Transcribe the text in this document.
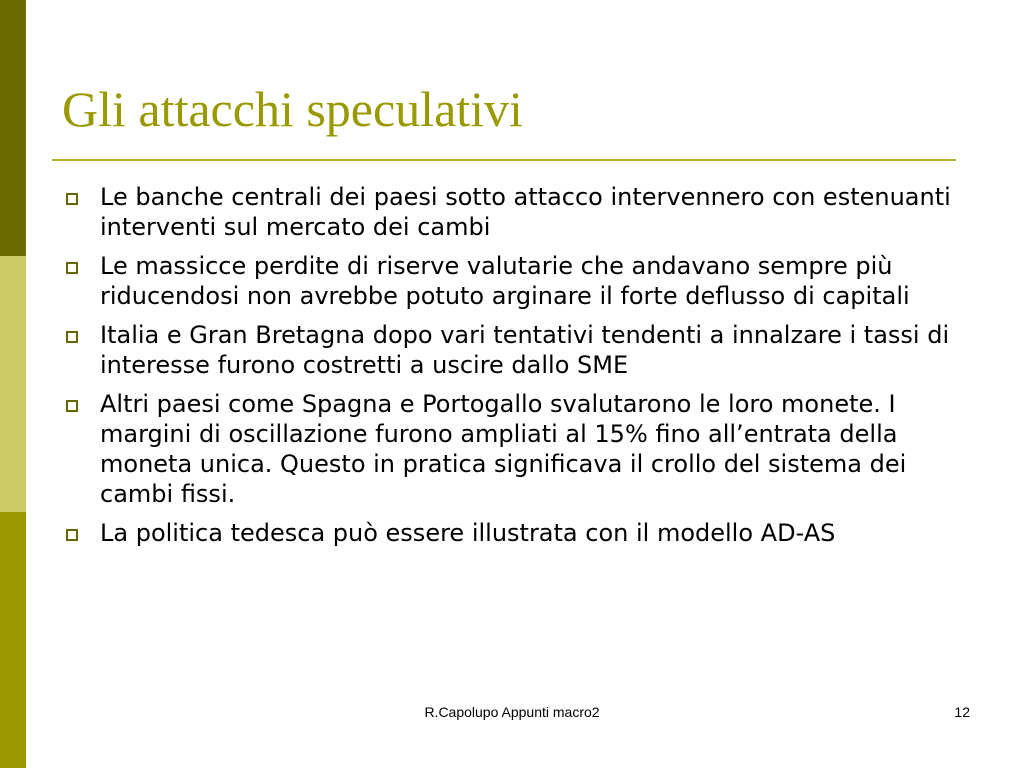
Gli attacchi speculativi
Le banche centrali dei paesi sotto attacco intervennero con estenuanti interventi sul mercato dei cambi
Le massicce perdite di riserve valutarie che andavano sempre più riducendosi non avrebbe potuto arginare il forte deflusso di capitali
Italia e Gran Bretagna dopo vari tentativi tendenti a innalzare i tassi di interesse furono costretti a uscire dallo SME
Altri paesi come Spagna e Portogallo svalutarono le loro monete. I margini di oscillazione furono ampliati al 15% fino all’entrata della moneta unica. Questo in pratica significava il crollo del sistema dei cambi fissi.
La politica tedesca può essere illustrata con il modello AD-AS
R.Capolupo Appunti macro2	12
